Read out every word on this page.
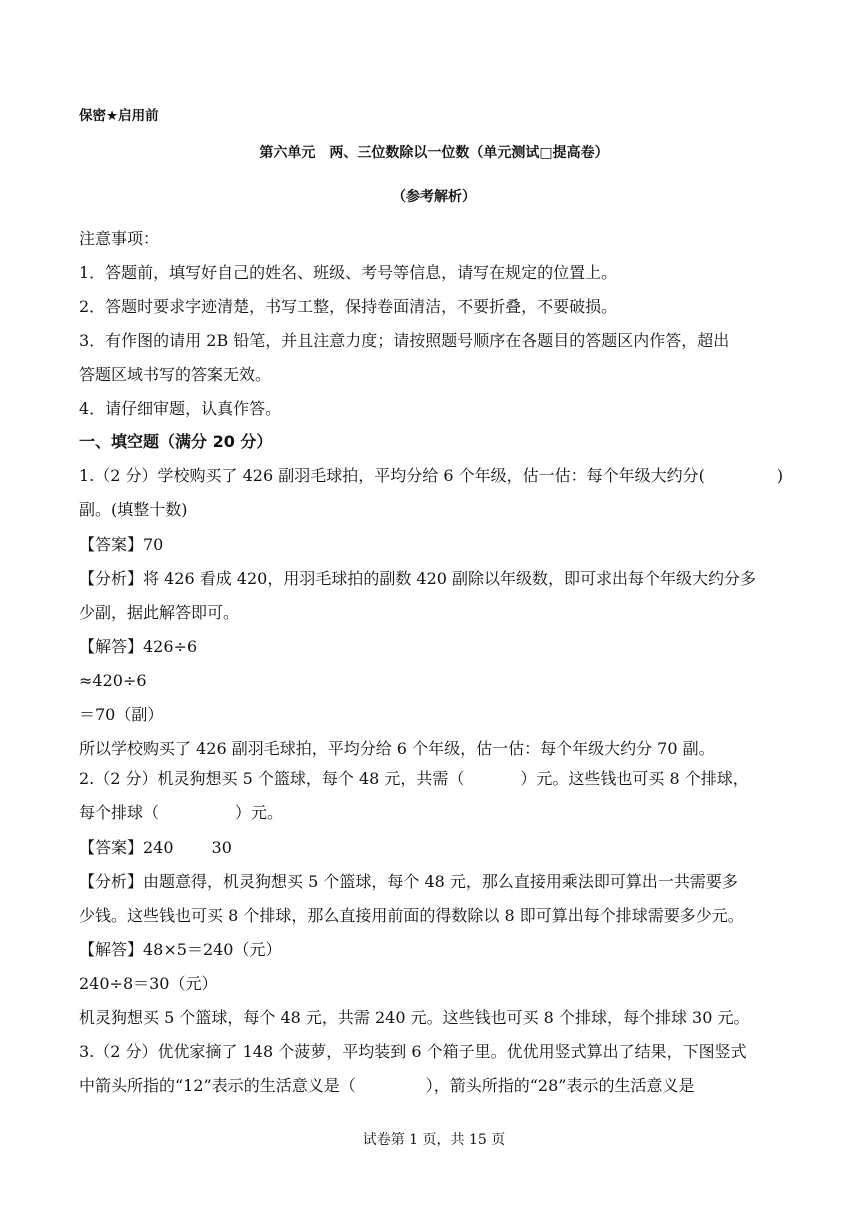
保密★启用前
第六单元　两、三位数除以一位数（单元测试□提高卷）
（参考解析）
注意事项：
1．答题前，填写好自己的姓名、班级、考号等信息，请写在规定的位置上。
2．答题时要求字迹清楚，书写工整，保持卷面清洁，不要折叠，不要破损。
3．有作图的请用 2B 铅笔，并且注意力度；请按照题号顺序在各题目的答题区内作答，超出
答题区域书写的答案无效。
4．请仔细审题，认真作答。
一、填空题（满分 20 分）
1.（2 分）学校购买了 426 副羽毛球拍，平均分给 6 个年级，估一估：每个年级大约分(	)
副。(填整十数)
【答案】70
【分析】将 426 看成 420，用羽毛球拍的副数 420 副除以年级数，即可求出每个年级大约分多
少副，据此解答即可。
【解答】426÷6
≈420÷6
＝70（副）
所以学校购买了 426 副羽毛球拍，平均分给 6 个年级，估一估：每个年级大约分 70 副。
2.（2 分）机灵狗想买 5 个篮球，每个 48 元，共需（	）元。这些钱也可买 8 个排球，
每个排球（	）元。
【答案】240 30
【分析】由题意得，机灵狗想买 5 个篮球，每个 48 元，那么直接用乘法即可算出一共需要多
少钱。这些钱也可买 8 个排球，那么直接用前面的得数除以 8 即可算出每个排球需要多少元。
【解答】48×5＝240（元）
240÷8＝30（元）
机灵狗想买 5 个篮球，每个 48 元，共需 240 元。这些钱也可买 8 个排球，每个排球 30 元。
3.（2 分）优优家摘了 148 个菠萝，平均装到 6 个箱子里。优优用竖式算出了结果，下图竖式
中箭头所指的“12”表示的生活意义是（	），箭头所指的“28”表示的生活意义是
试卷第 1 页，共 15 页
